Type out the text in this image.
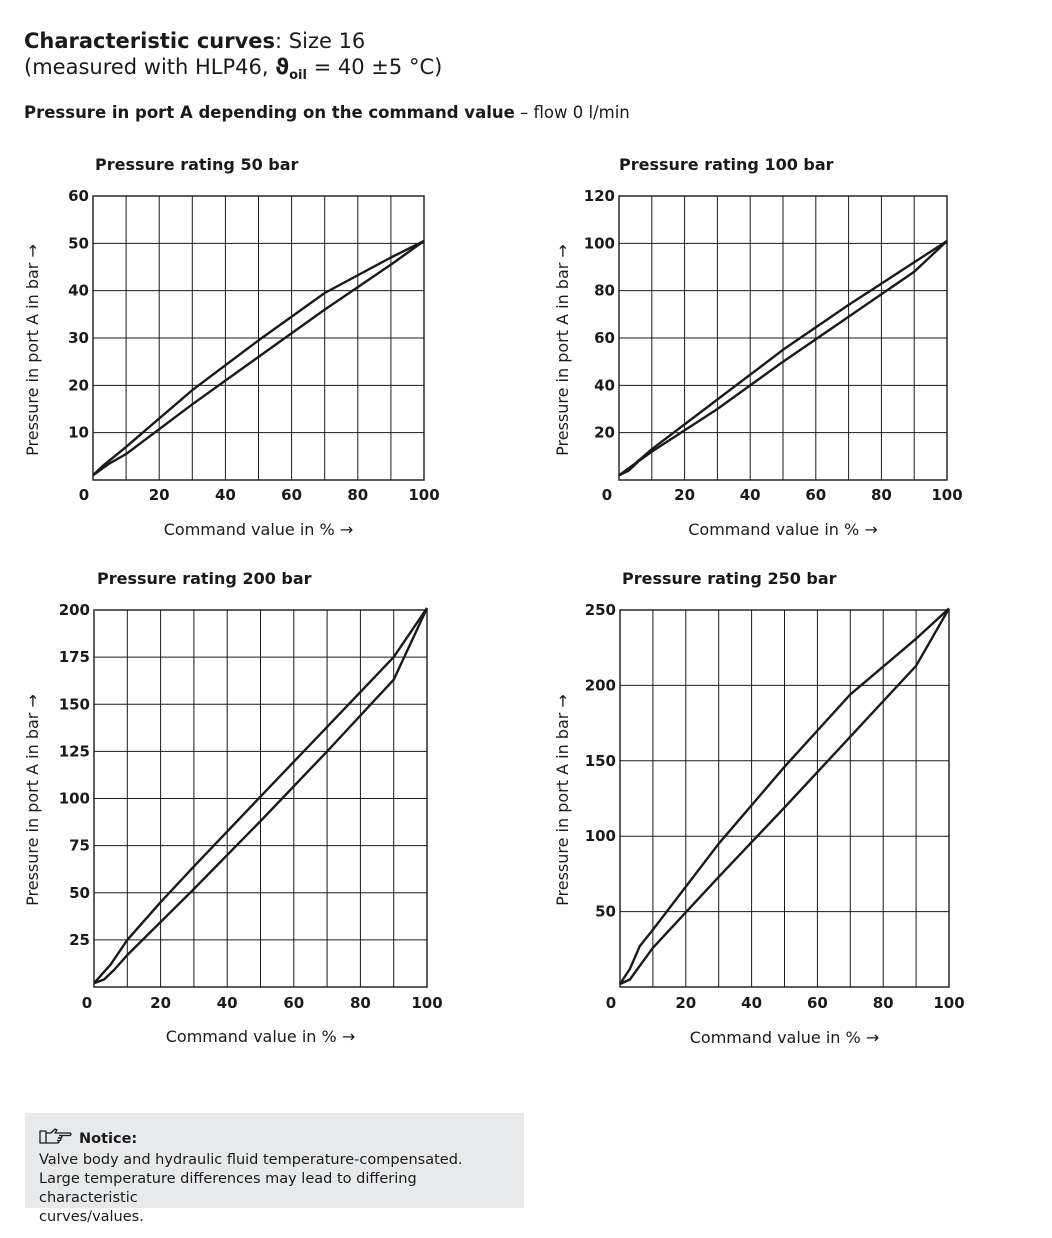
Characteristic curves: Size 16
(measured with HLP46, $ϑ_{oil} = 40 \pm 5$ °C)
Pressure in port A depending on the command value – flow 0 l/min
Pressure rating 50 bar
10
20
30
40
50
60
0	20	40	60	80	100
Command value in % →
Pressure in port A in bar →
Pressure rating 100 bar
20
40
60
80
100
120
0	20	40	60	80	100
Command value in % →
Pressure in port A in bar →
Pressure rating 200 bar
25
50
75
100
125
150
175
200
0	20	40	60	80	100
Command value in % →
Pressure in port A in bar →
Pressure rating 250 bar
50
100
150
200
250
0	20	40	60	80	100
Command value in % →
Pressure in port A in bar →
Notice:
Valve body and hydraulic fluid temperature-compensated.
Large temperature differences may lead to differing characteristic
curves/values.
